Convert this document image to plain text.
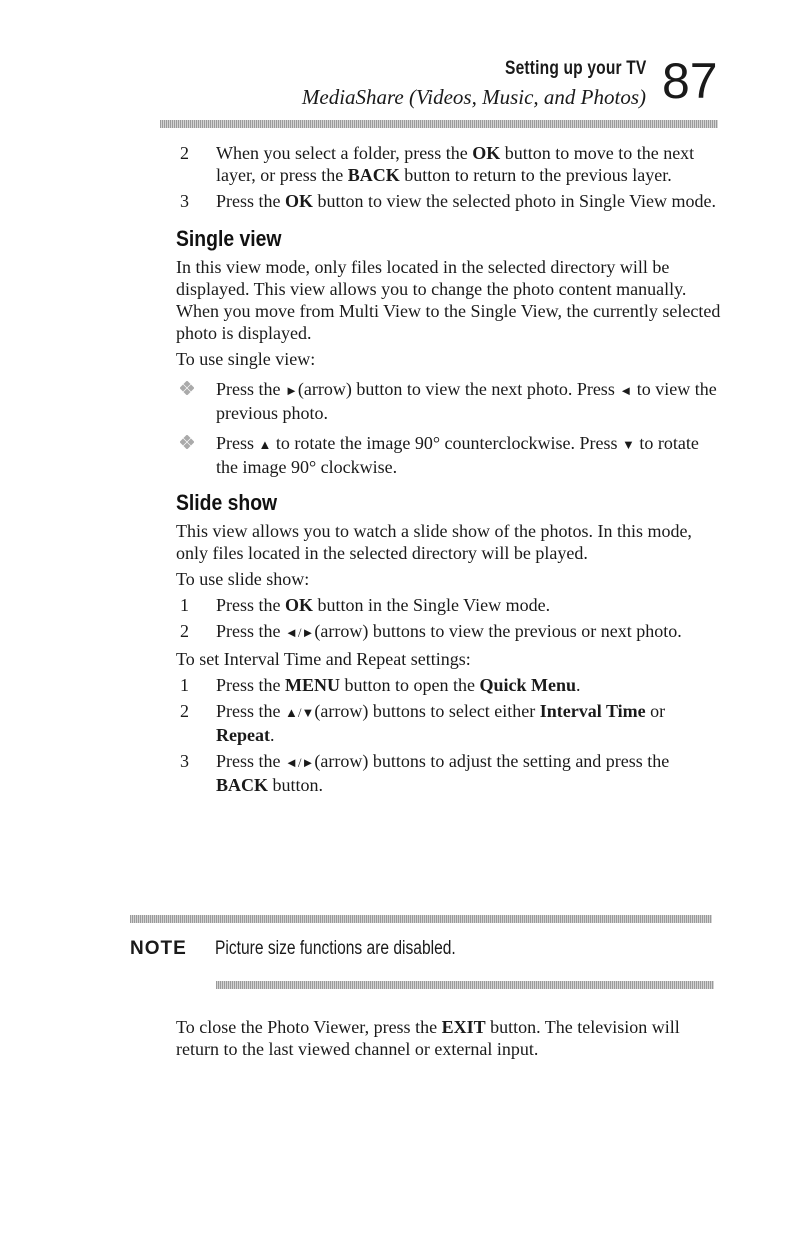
Setting up your TV
MediaShare (Videos, Music, and Photos) 87
2 When you select a folder, press the OK button to move to the next layer, or press the BACK button to return to the previous layer.
3 Press the OK button to view the selected photo in Single View mode.
Single view

In this view mode, only files located in the selected directory will be displayed. This view allows you to change the photo content manually. When you move from Multi View to the Single View, the currently selected photo is displayed.

To use single view:

Press the ►(arrow) button to view the next photo. Press ◄ to view the previous photo.
Press ▲ to rotate the image 90° counterclockwise. Press ▼ to rotate the image 90° clockwise.
Slide show

This view allows you to watch a slide show of the photos. In this mode, only files located in the selected directory will be played.

To use slide show:

1 Press the OK button in the Single View mode.
2 Press the ◄/►(arrow) buttons to view the previous or next photo.

To set Interval Time and Repeat settings:

1 Press the MENU button to open the Quick Menu.
2 Press the ▲/▼(arrow) buttons to select either Interval Time or Repeat.
3 Press the ◄/►(arrow) buttons to adjust the setting and press the BACK button.
NOTE Picture size functions are disabled.
To close the Photo Viewer, press the EXIT button. The television will return to the last viewed channel or external input.
